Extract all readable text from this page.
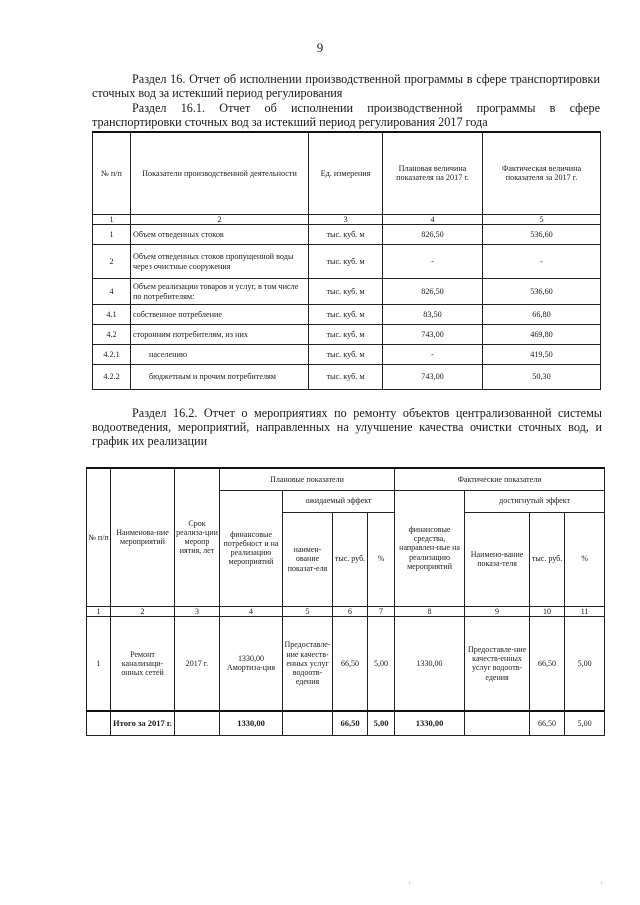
9
Раздел 16. Отчет об исполнении производственной программы в сфере транспортировки сточных вод за истекший период регулирования
Раздел 16.1. Отчет об исполнении производственной программы в сфере транспортировки сточных вод за истекший период регулирования 2017 года
№ п/п	Показатели производственной деятельности	Ед. измерения	Плановая величина показателя на 2017 г.	Фактическая величина показателя за 2017 г.
1	2	3	4	5
1	Объем отведенных стоков	тыс. куб. м	826,50	536,60
2	Объем отведенных стоков пропущенной воды через очистные сооружения	тыс. куб. м	-	-
4	Объем реализации товаров и услуг, в том числе по потребителям:	тыс. куб. м	826,50	536,60
4.1	собственное потребление	тыс. куб. м	83,50	66,80
4.2	сторонним потребителям, из них	тыс. куб. м	743,00	469,80
4.2.1	населению	тыс. куб. м	-	419,50
4.2.2	бюджетным и прочим потребителям	тыс. куб. м	743,00	50,30
Раздел 16.2. Отчет о мероприятиях по ремонту объектов централизованной системы водоотведения, мероприятий, направленных на улучшение качества очистки сточных вод, и график их реализации
№ п/п	Наименова-ние мероприятий	Срок реализа-ции меропр иятия, лет	Плановые показатели				Фактические показатели			
			финансовые потребност и на реализацию мероприятий	ожидаемый эффект			финансовые средства, направлен-ные на реализацию мероприятий	достигнутый эффект		
				наимен-ование показат-еля	тыс. руб.	%		Наимено-вание показа-теля	тыс. руб.	%
1	2	3	4	5	6	7	8	9	10	11
1	Ремонт канализаци-онных сетей	2017 г.	1330,00 Амортиза-ция	Предоставле-ние качеств-енных услуг водоотв-едения	66,50	5,00	1330,00	Предоставле-ние качеств-енных услуг водоотв-едения	66,50	5,00
	Итого за 2017 г.		1330,00		66,50	5,00	1330,00		66,50	5,00
·	·
